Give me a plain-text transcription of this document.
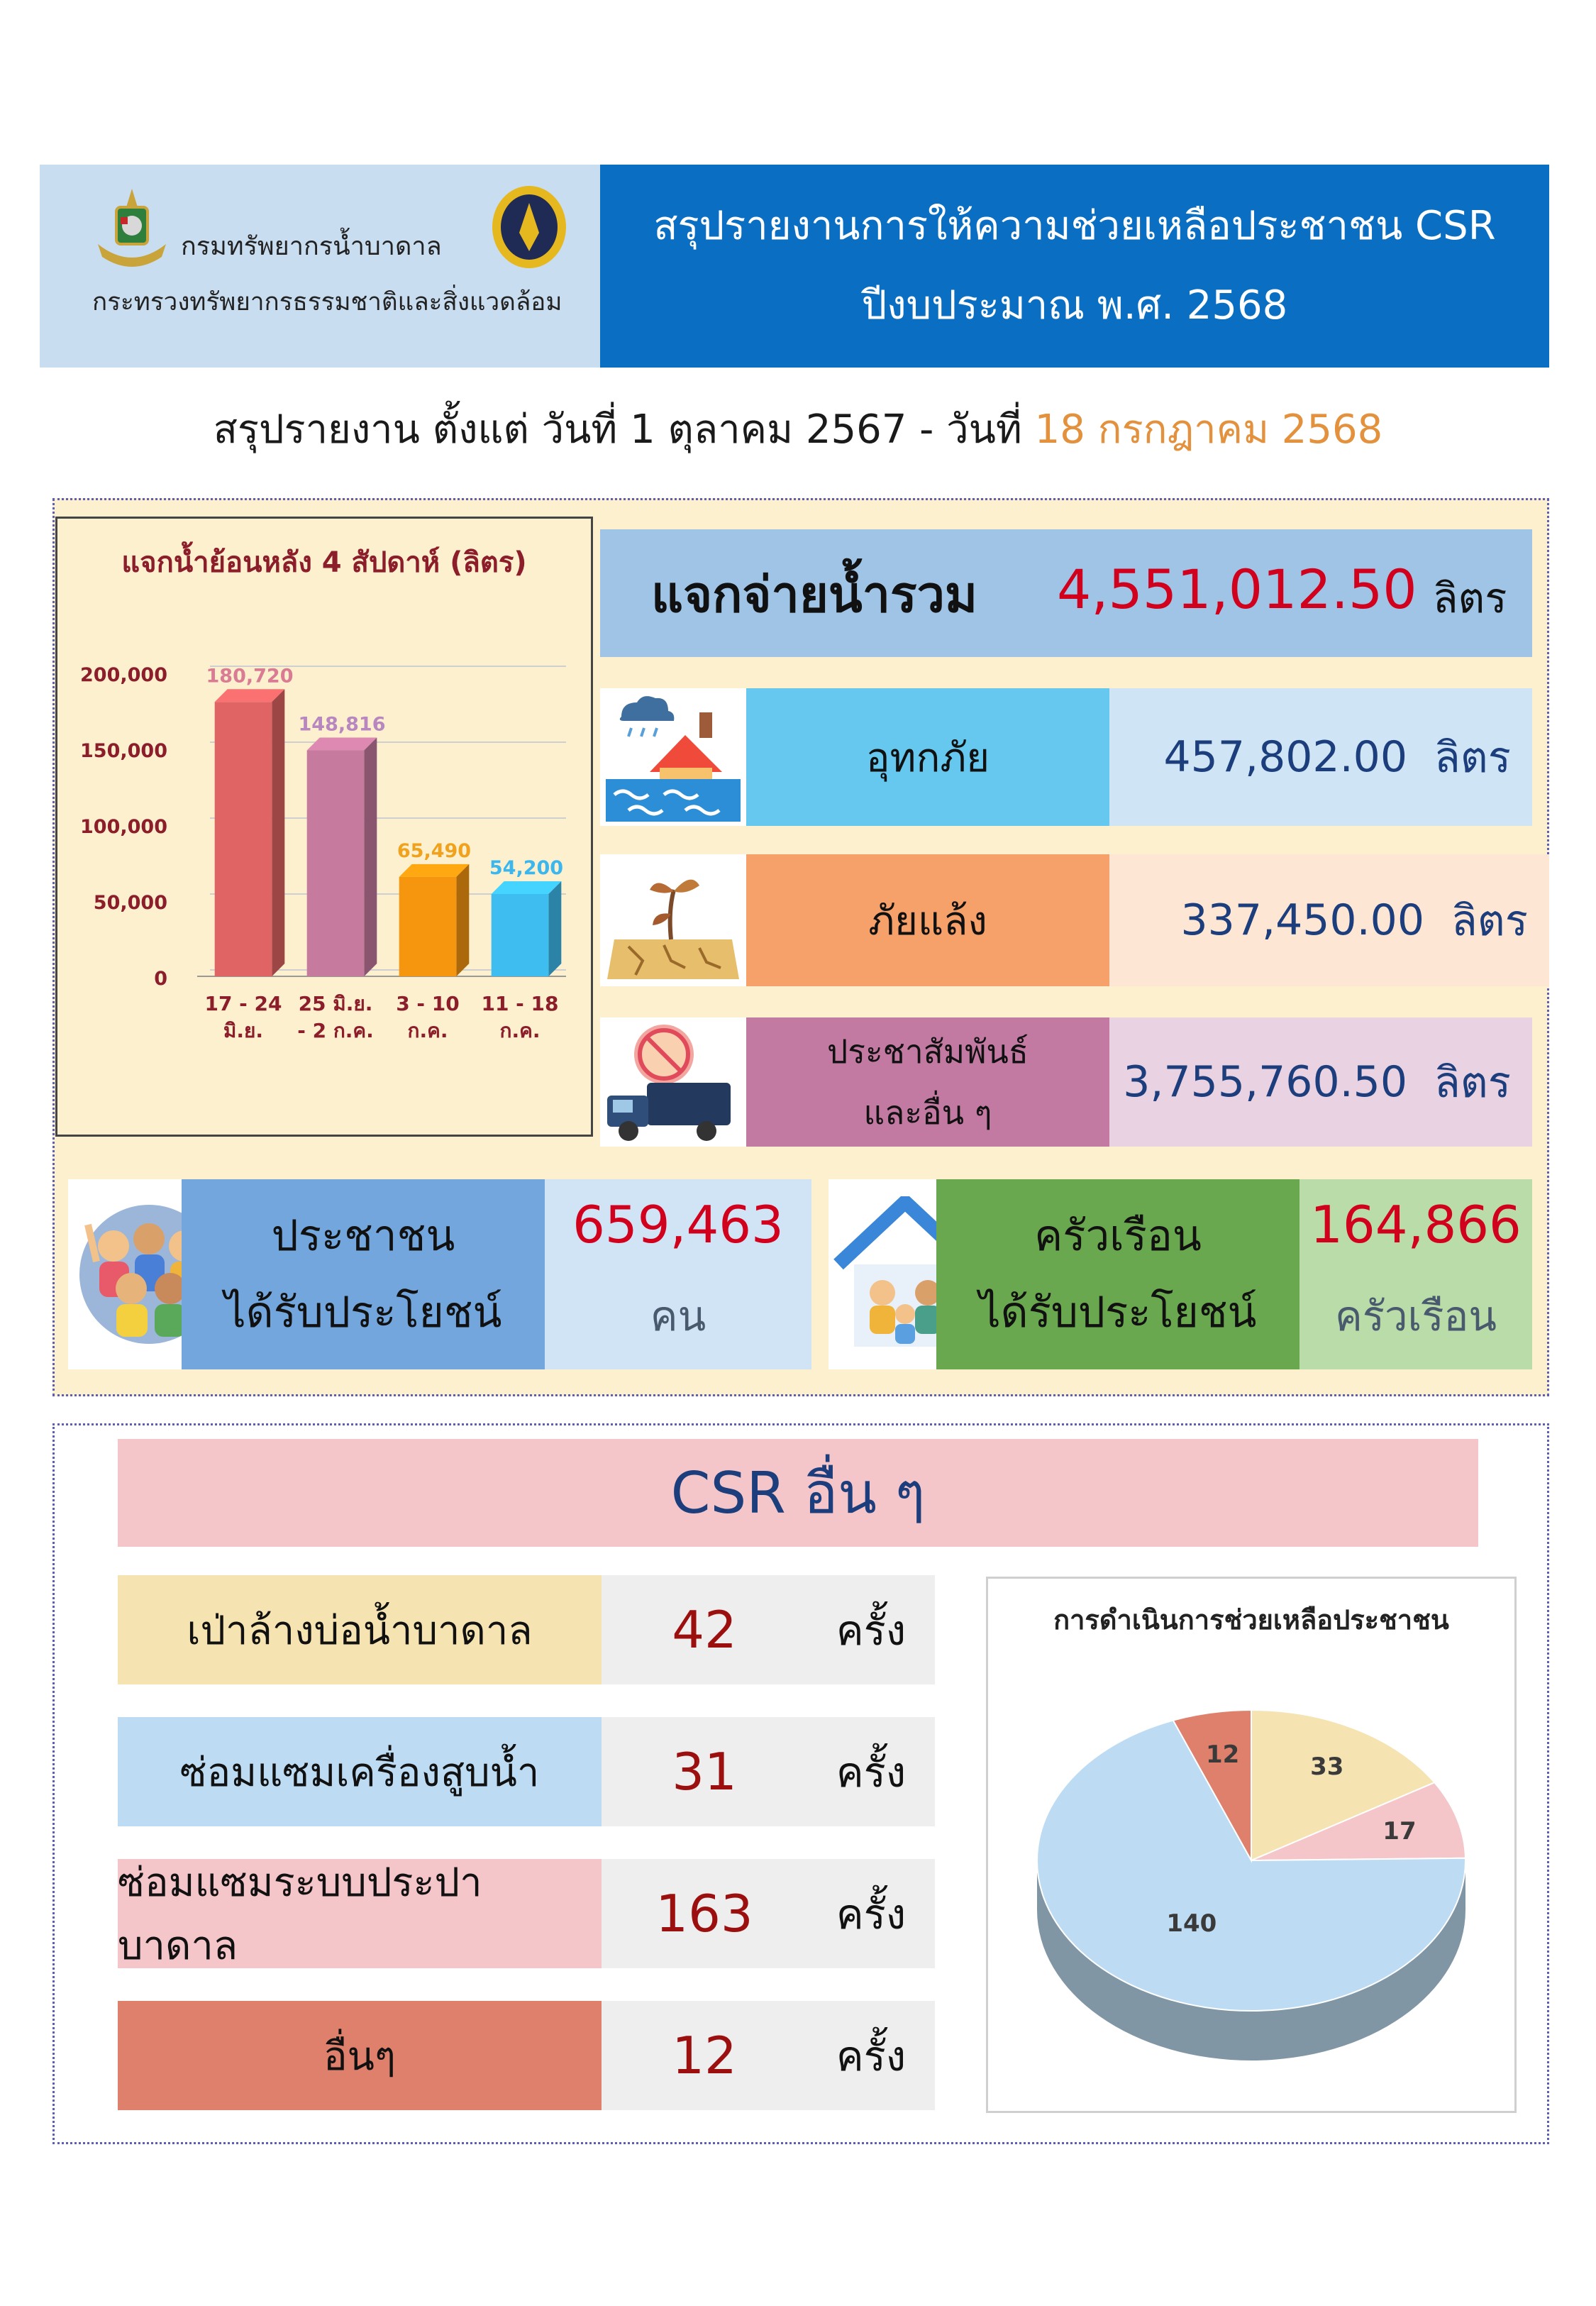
กรมทรัพยากรน้ำบาดาล
กระทรวงทรัพยากรธรรมชาติและสิ่งแวดล้อม
สรุปรายงานการให้ความช่วยเหลือประชาชน CSR
ปีงบประมาณ พ.ศ. 2568
สรุปรายงาน ตั้งแต่ วันที่ 1 ตุลาคม 2567 - วันที่ 18 กรกฎาคม 2568
แจกน้ำย้อนหลัง 4 สัปดาห์ (ลิตร)
0
50,000
100,000
150,000
200,000 180,720
17 - 24
มิ.ย.
148,816
25 มิ.ย.
- 2 ก.ค.
65,490
3 - 10
ก.ค.
54,200
11 - 18
ก.ค.
แจกจ่ายน้ำรวม 4,551,012.50 ลิตร
อุทกภัย	457,802.00 ลิตร
ภัยแล้ง	337,450.00 ลิตร
ประชาสัมพันธ์
และอื่น ๆ
3,755,760.50 ลิตร
ประชาชน
ได้รับประโยชน์
659,463
คน
ครัวเรือน
ได้รับประโยชน์
164,866
ครัวเรือน
CSR อื่น ๆ
เป่าล้างบ่อน้ำบาดาล	42	ครั้ง
ซ่อมแซมเครื่องสูบน้ำ	31	ครั้ง
ซ่อมแซมระบบประปาบาดาล
163	ครั้ง
อื่นๆ	12	ครั้ง
การดำเนินการช่วยเหลือประชาชน
33
17
140
12
